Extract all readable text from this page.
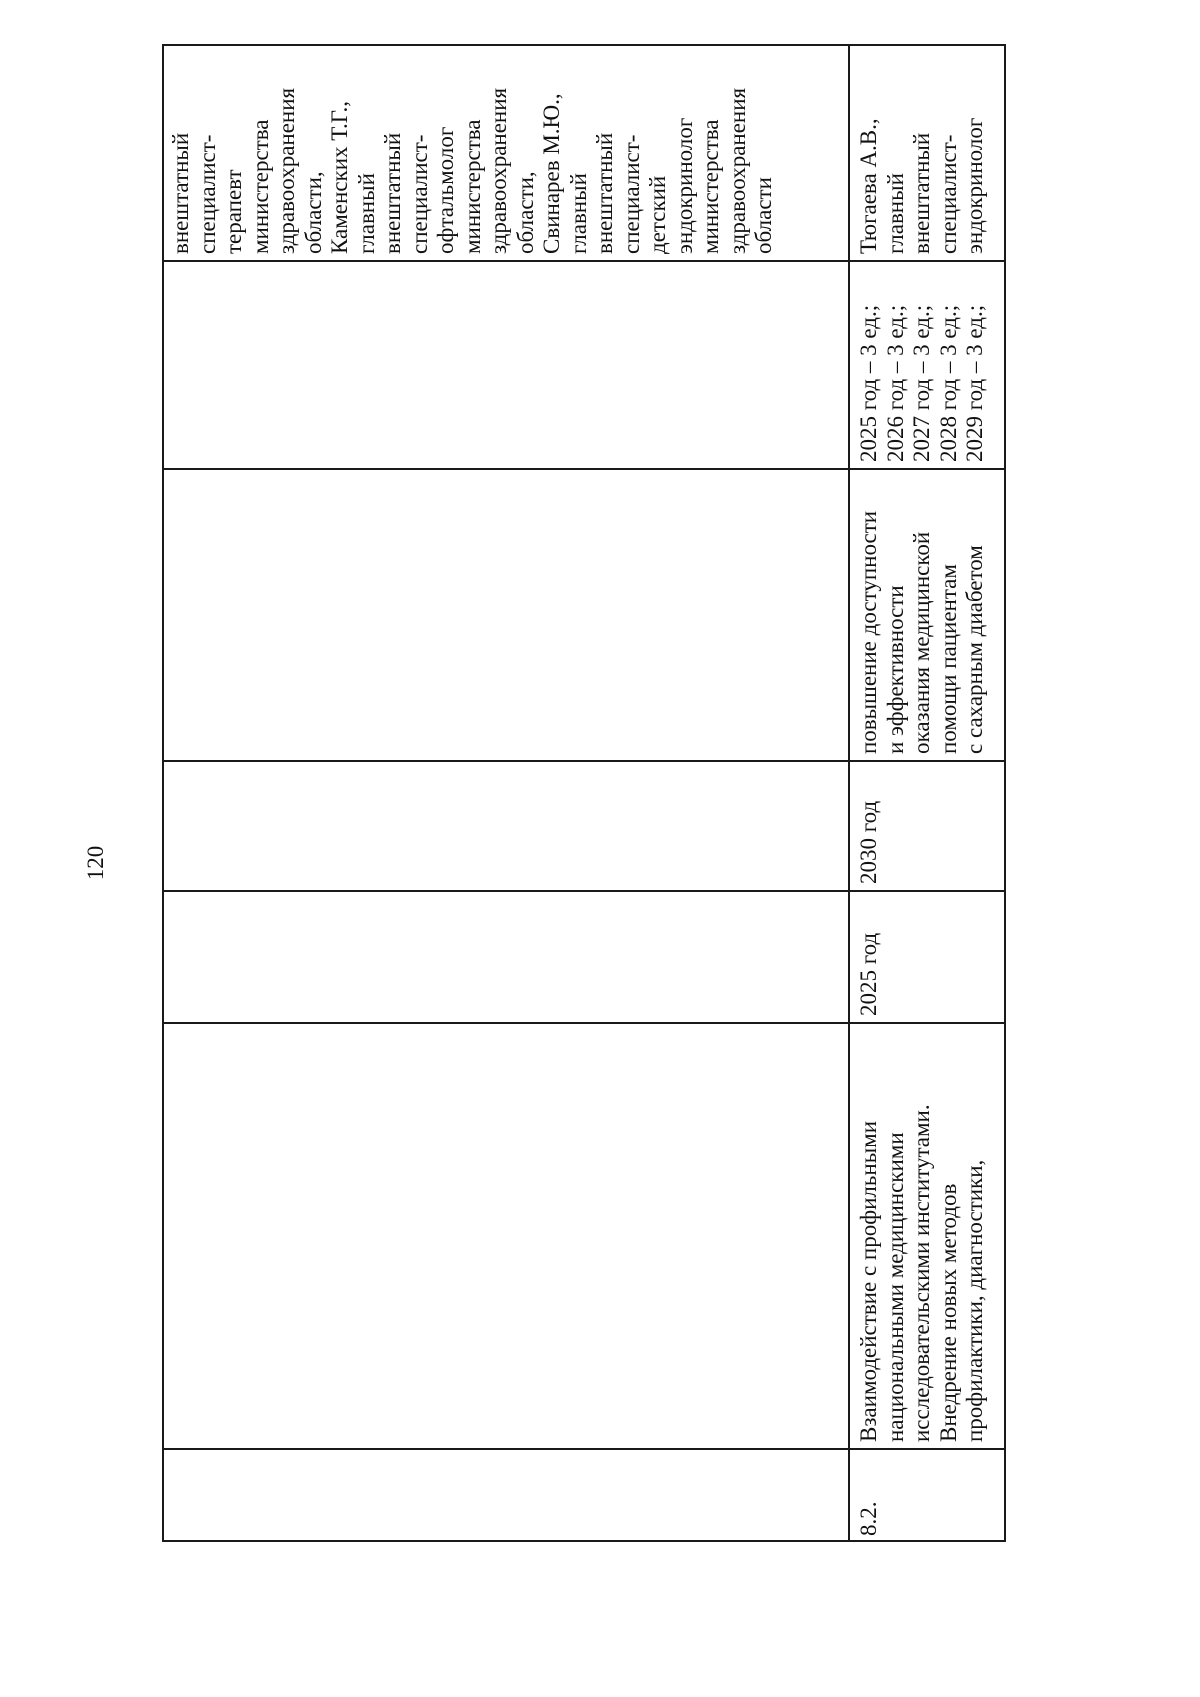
120
внештатный специалист- терапевт министерства здравоохранения области, Каменских Т.Г., главный внештатный специалист- офтальмолог министерства здравоохранения области, Свинарев М.Ю., главный внештатный специалист- детский эндокринолог министерства здравоохранения области
8.2.
Взаимодействие с профильными национальными медицинскими исследовательскими институтами. Внедрение новых методов профилактики, диагностики,
2025 год
2030 год
повышение доступности и эффективности оказания медицинской помощи пациентам с сахарным диабетом
2025 год – 3 ед.; 2026 год – 3 ед.; 2027 год – 3 ед.; 2028 год – 3 ед.; 2029 год – 3 ед.;
Тюгаева А.В., главный внештатный специалист- эндокринолог
